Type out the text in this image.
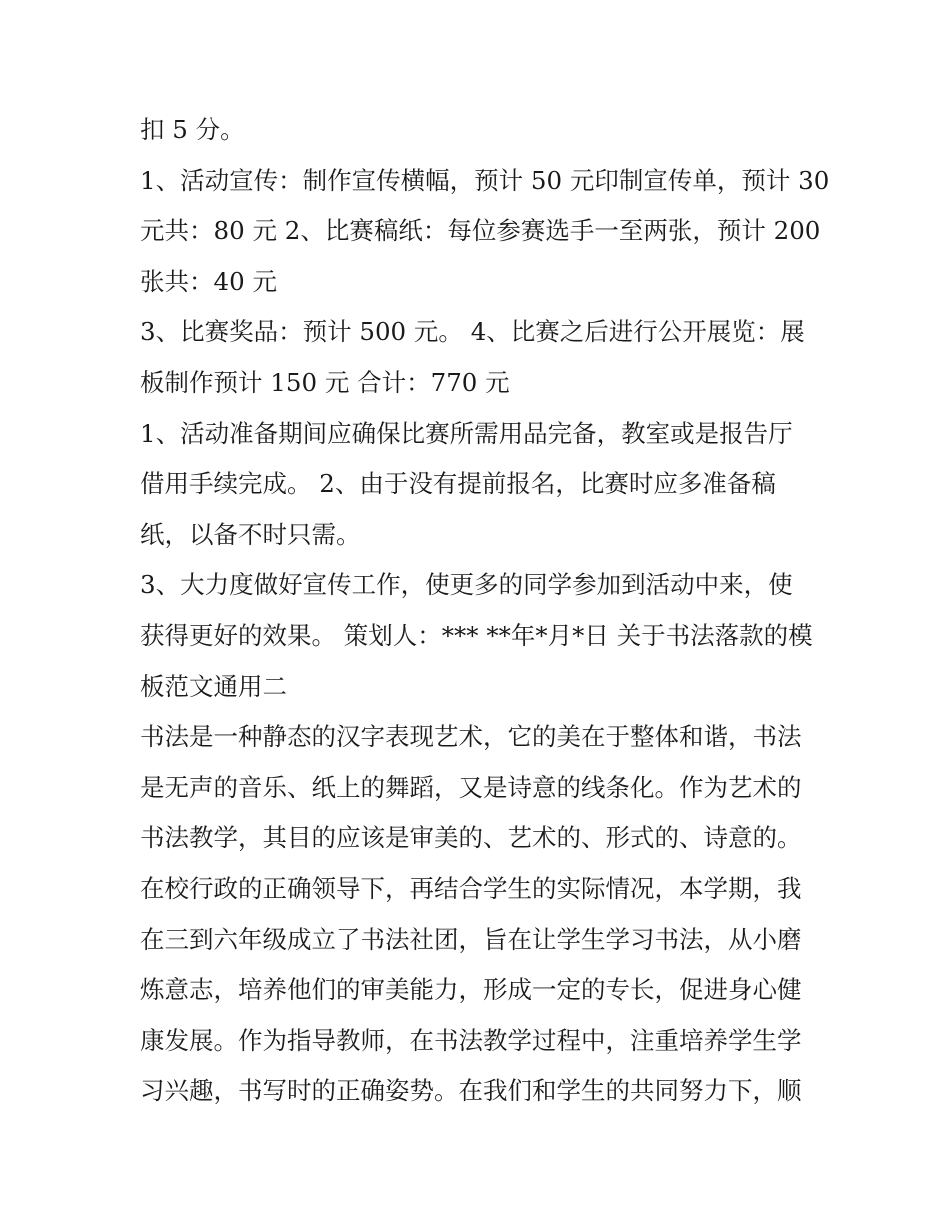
扣 5 分。
1、活动宣传：制作宣传横幅，预计 50 元印制宣传单，预计 30
元共：80 元 2、比赛稿纸：每位参赛选手一至两张，预计 200
张共：40 元
3、比赛奖品：预计 500 元。 4、比赛之后进行公开展览：展
板制作预计 150 元 合计：770 元
1、活动准备期间应确保比赛所需用品完备，教室或是报告厅
借用手续完成。 2、由于没有提前报名，比赛时应多准备稿
纸，以备不时只需。
3、大力度做好宣传工作，使更多的同学参加到活动中来，使
获得更好的效果。 策划人：*** **年*月*日 关于书法落款的模
板范文通用二
书法是一种静态的汉字表现艺术，它的美在于整体和谐，书法
是无声的音乐、纸上的舞蹈，又是诗意的线条化。作为艺术的
书法教学，其目的应该是审美的、艺术的、形式的、诗意的。
在校行政的正确领导下，再结合学生的实际情况，本学期，我
在三到六年级成立了书法社团，旨在让学生学习书法，从小磨
炼意志，培养他们的审美能力，形成一定的专长，促进身心健
康发展。作为指导教师，在书法教学过程中，注重培养学生学
习兴趣，书写时的正确姿势。在我们和学生的共同努力下，顺
